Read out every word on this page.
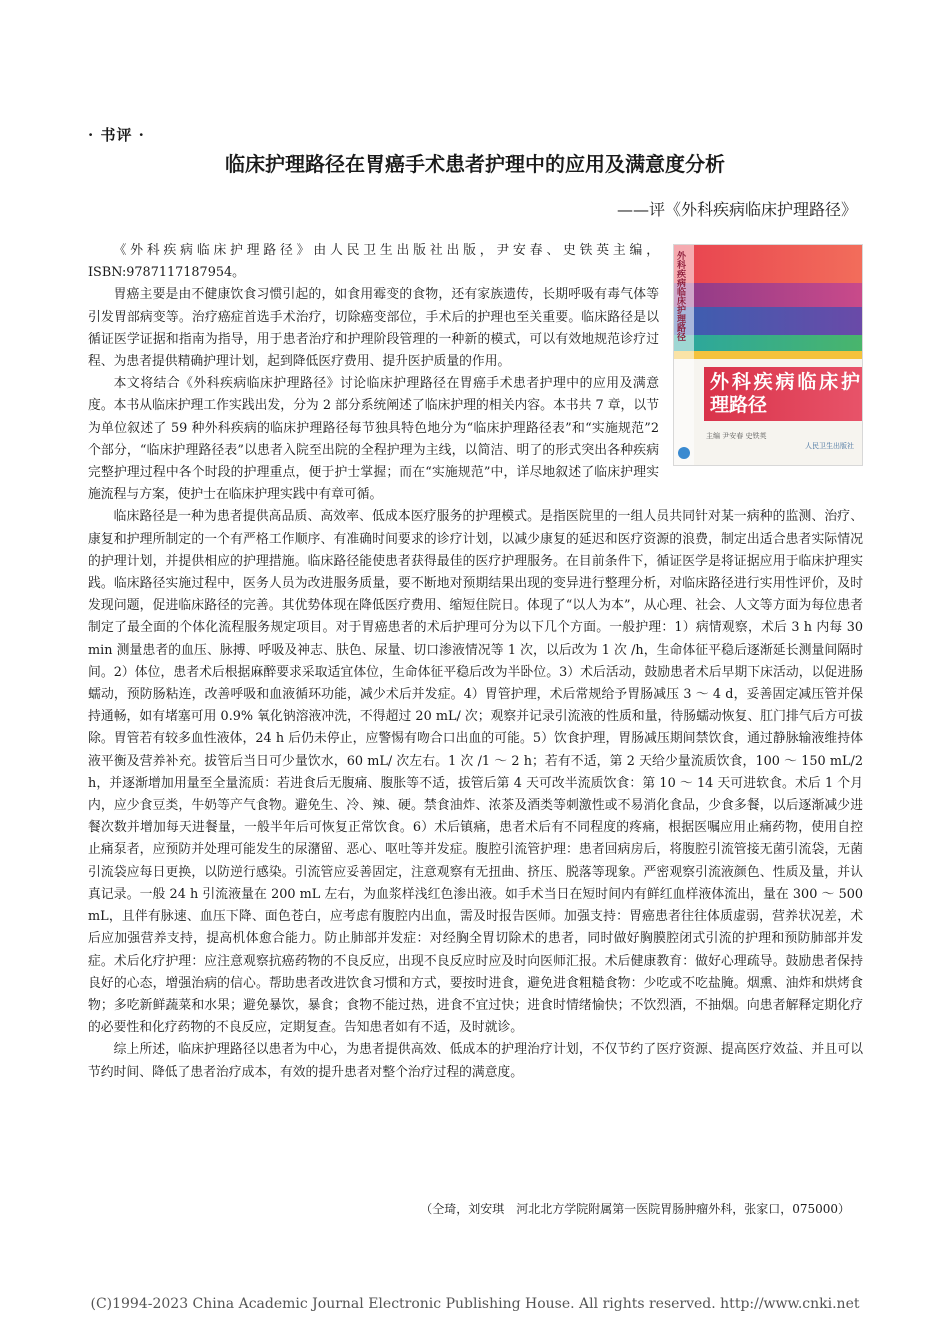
· 书评 ·
临床护理路径在胃癌手术患者护理中的应用及满意度分析
——评《外科疾病临床护理路径》
外科疾病临床护理路径
外科疾病临床护理路径
主编 尹安春 史铁英
人民卫生出版社

《外科疾病临床护理路径》由人民卫生出版社出版，尹安春、史铁英主编，ISBN:9787117187954。

胃癌主要是由不健康饮食习惯引起的，如食用霉变的食物，还有家族遗传，长期呼吸有毒气体等引发胃部病变等。治疗癌症首选手术治疗，切除癌变部位，手术后的护理也至关重要。临床路径是以循证医学证据和指南为指导，用于患者治疗和护理阶段管理的一种新的模式，可以有效地规范诊疗过程、为患者提供精确护理计划，起到降低医疗费用、提升医护质量的作用。

本文将结合《外科疾病临床护理路径》讨论临床护理路径在胃癌手术患者护理中的应用及满意度。本书从临床护理工作实践出发，分为 2 部分系统阐述了临床护理的相关内容。本书共 7 章，以节为单位叙述了 59 种外科疾病的临床护理路径每节独具特色地分为“临床护理路径表”和“实施规范”2 个部分，“临床护理路径表”以患者入院至出院的全程护理为主线，以简洁、明了的形式突出各种疾病完整护理过程中各个时段的护理重点，便于护士掌握；而在“实施规范”中，详尽地叙述了临床护理实施流程与方案，使护士在临床护理实践中有章可循。

临床路径是一种为患者提供高品质、高效率、低成本医疗服务的护理模式。是指医院里的一组人员共同针对某一病种的监测、治疗、康复和护理所制定的一个有严格工作顺序、有准确时间要求的诊疗计划，以减少康复的延迟和医疗资源的浪费，制定出适合患者实际情况的护理计划，并提供相应的护理措施。临床路径能使患者获得最佳的医疗护理服务。在目前条件下，循证医学是将证据应用于临床护理实践。临床路径实施过程中，医务人员为改进服务质量，要不断地对预期结果出现的变异进行整理分析，对临床路径进行实用性评价，及时发现问题，促进临床路径的完善。其优势体现在降低医疗费用、缩短住院日。体现了“以人为本”，从心理、社会、人文等方面为每位患者制定了最全面的个体化流程服务规定项目。对于胃癌患者的术后护理可分为以下几个方面。一般护理：1）病情观察，术后 3 h 内每 30 min 测量患者的血压、脉搏、呼吸及神志、肤色、尿量、切口渗液情况等 1 次，以后改为 1 次 /h，生命体征平稳后逐渐延长测量间隔时间。2）体位，患者术后根据麻醉要求采取适宜体位，生命体征平稳后改为半卧位。3）术后活动，鼓励患者术后早期下床活动，以促进肠蠕动，预防肠粘连，改善呼吸和血液循环功能，减少术后并发症。4）胃管护理，术后常规给予胃肠减压 3 ～ 4 d，妥善固定减压管并保持通畅，如有堵塞可用 0.9% 氧化钠溶液冲洗，不得超过 20 mL/ 次；观察并记录引流液的性质和量，待肠蠕动恢复、肛门排气后方可拔除。胃管若有较多血性液体，24 h 后仍未停止，应警惕有吻合口出血的可能。5）饮食护理，胃肠减压期间禁饮食，通过静脉输液维持体液平衡及营养补充。拔管后当日可少量饮水，60 mL/ 次左右。1 次 /1 ～ 2 h；若有不适，第 2 天给少量流质饮食，100 ～ 150 mL/2 h，并逐渐增加用量至全量流质：若进食后无腹痛、腹胀等不适，拔管后第 4 天可改半流质饮食：第 10 ～ 14 天可进软食。术后 1 个月内，应少食豆类，牛奶等产气食物。避免生、冷、辣、硬。禁食油炸、浓茶及酒类等刺激性或不易消化食品，少食多餐，以后逐渐减少进餐次数并增加每天进餐量，一般半年后可恢复正常饮食。6）术后镇痛，患者术后有不同程度的疼痛，根据医嘱应用止痛药物，使用自控止痛泵者，应预防并处理可能发生的尿潴留、恶心、呕吐等并发症。腹腔引流管护理：患者回病房后，将腹腔引流管接无菌引流袋，无菌引流袋应每日更换，以防逆行感染。引流管应妥善固定，注意观察有无扭曲、挤压、脱落等现象。严密观察引流液颜色、性质及量，并认真记录。一般 24 h 引流液量在 200 mL 左右，为血浆样浅红色渗出液。如手术当日在短时间内有鲜红血样液体流出，量在 300 ～ 500 mL，且伴有脉速、血压下降、面色苍白，应考虑有腹腔内出血，需及时报告医师。加强支持：胃癌患者往往体质虚弱，营养状况差，术后应加强营养支持，提高机体愈合能力。防止肺部并发症：对经胸全胃切除术的患者，同时做好胸膜腔闭式引流的护理和预防肺部并发症。术后化疗护理：应注意观察抗癌药物的不良反应，出现不良反应时应及时向医师汇报。术后健康教育：做好心理疏导。鼓励患者保持良好的心态，增强治病的信心。帮助患者改进饮食习惯和方式，要按时进食，避免进食粗糙食物：少吃或不吃盐腌。烟熏、油炸和烘烤食物；多吃新鲜蔬菜和水果；避免暴饮，暴食；食物不能过热，进食不宜过快；进食时情绪愉快；不饮烈酒，不抽烟。向患者解释定期化疗的必要性和化疗药物的不良反应，定期复查。告知患者如有不适，及时就诊。

综上所述，临床护理路径以患者为中心，为患者提供高效、低成本的护理治疗计划，不仅节约了医疗资源、提高医疗效益、并且可以节约时间、降低了患者治疗成本，有效的提升患者对整个治疗过程的满意度。

（仝琦，刘安琪　河北北方学院附属第一医院胃肠肿瘤外科，张家口，075000）
(C)1994-2023 China Academic Journal Electronic Publishing House. All rights reserved. http://www.cnki.net
